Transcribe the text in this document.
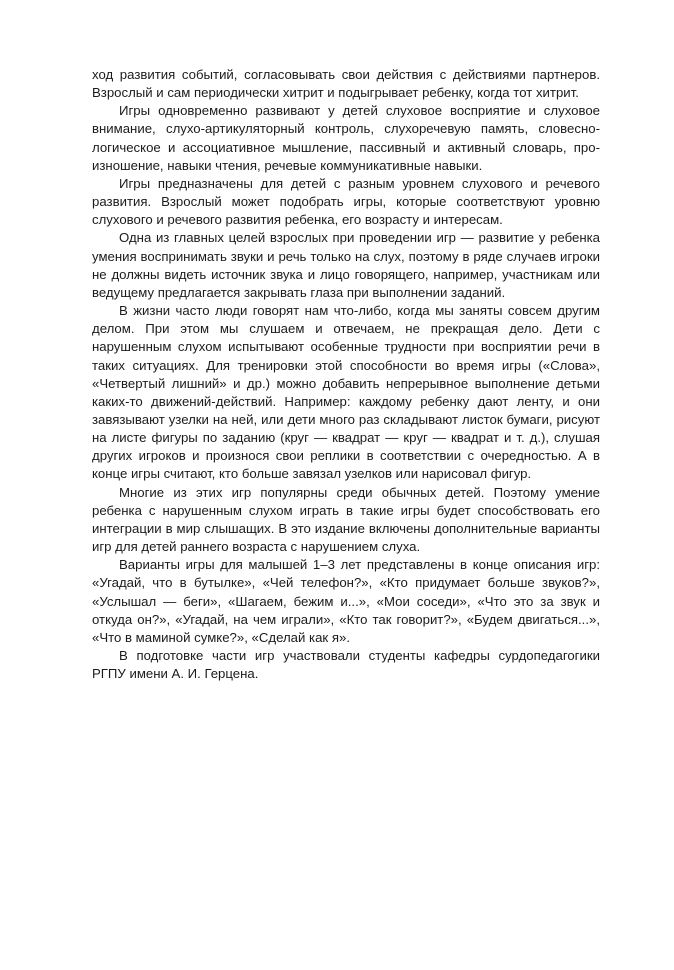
ход развития событий, согласовывать свои действия с действиями партнеров. Взрослый и сам периодически хитрит и подыгрывает ребенку, когда тот хитрит.

Игры одновременно развивают у детей слуховое восприятие и слуховое внимание, слухо-артикуляторный контроль, слухоречевую память, словеснологическое и ассоциативное мышление, пассивный и активный словарь, произношение, навыки чтения, речевые коммуникативные навыки.

Игры предназначены для детей с разным уровнем слухового и речевого развития. Взрослый может подобрать игры, которые соответствуют уровню слухового и речевого развития ребенка, его возрасту и интересам.

Одна из главных целей взрослых при проведении игр — развитие у ребенка умения воспринимать звуки и речь только на слух, поэтому в ряде случаев игроки не должны видеть источник звука и лицо говорящего, например, участникам или ведущему предлагается закрывать глаза при выполнении заданий.

В жизни часто люди говорят нам что-либо, когда мы заняты совсем другим делом. При этом мы слушаем и отвечаем, не прекращая дело. Дети с нарушенным слухом испытывают особенные трудности при восприятии речи в таких ситуациях. Для тренировки этой способности во время игры («Слова», «Четвертый лишний» и др.) можно добавить непрерывное выполнение детьми каких-то движений-действий. Например: каждому ребенку дают ленту, и они завязывают узелки на ней, или дети много раз складывают листок бумаги, рисуют на листе фигуры по заданию (круг — квадрат — круг — квадрат и т. д.), слушая других игроков и произнося свои реплики в соответствии с очередностью. А в конце игры считают, кто больше завязал узелков или нарисовал фигур.

Многие из этих игр популярны среди обычных детей. Поэтому умение ребенка с нарушенным слухом играть в такие игры будет способствовать его интеграции в мир слышащих. В это издание включены дополнительные варианты игр для детей раннего возраста с нарушением слуха.

Варианты игры для малышей 1–3 лет представлены в конце описания игр: «Угадай, что в бутылке», «Чей телефон?», «Кто придумает больше звуков?», «Услышал — беги», «Шагаем, бежим и...», «Мои соседи», «Что это за звук и откуда он?», «Угадай, на чем играли», «Кто так говорит?», «Будем двигаться...», «Что в маминой сумке?», «Сделай как я».

В подготовке части игр участвовали студенты кафедры сурдопедагогики РГПУ имени А. И. Герцена.
